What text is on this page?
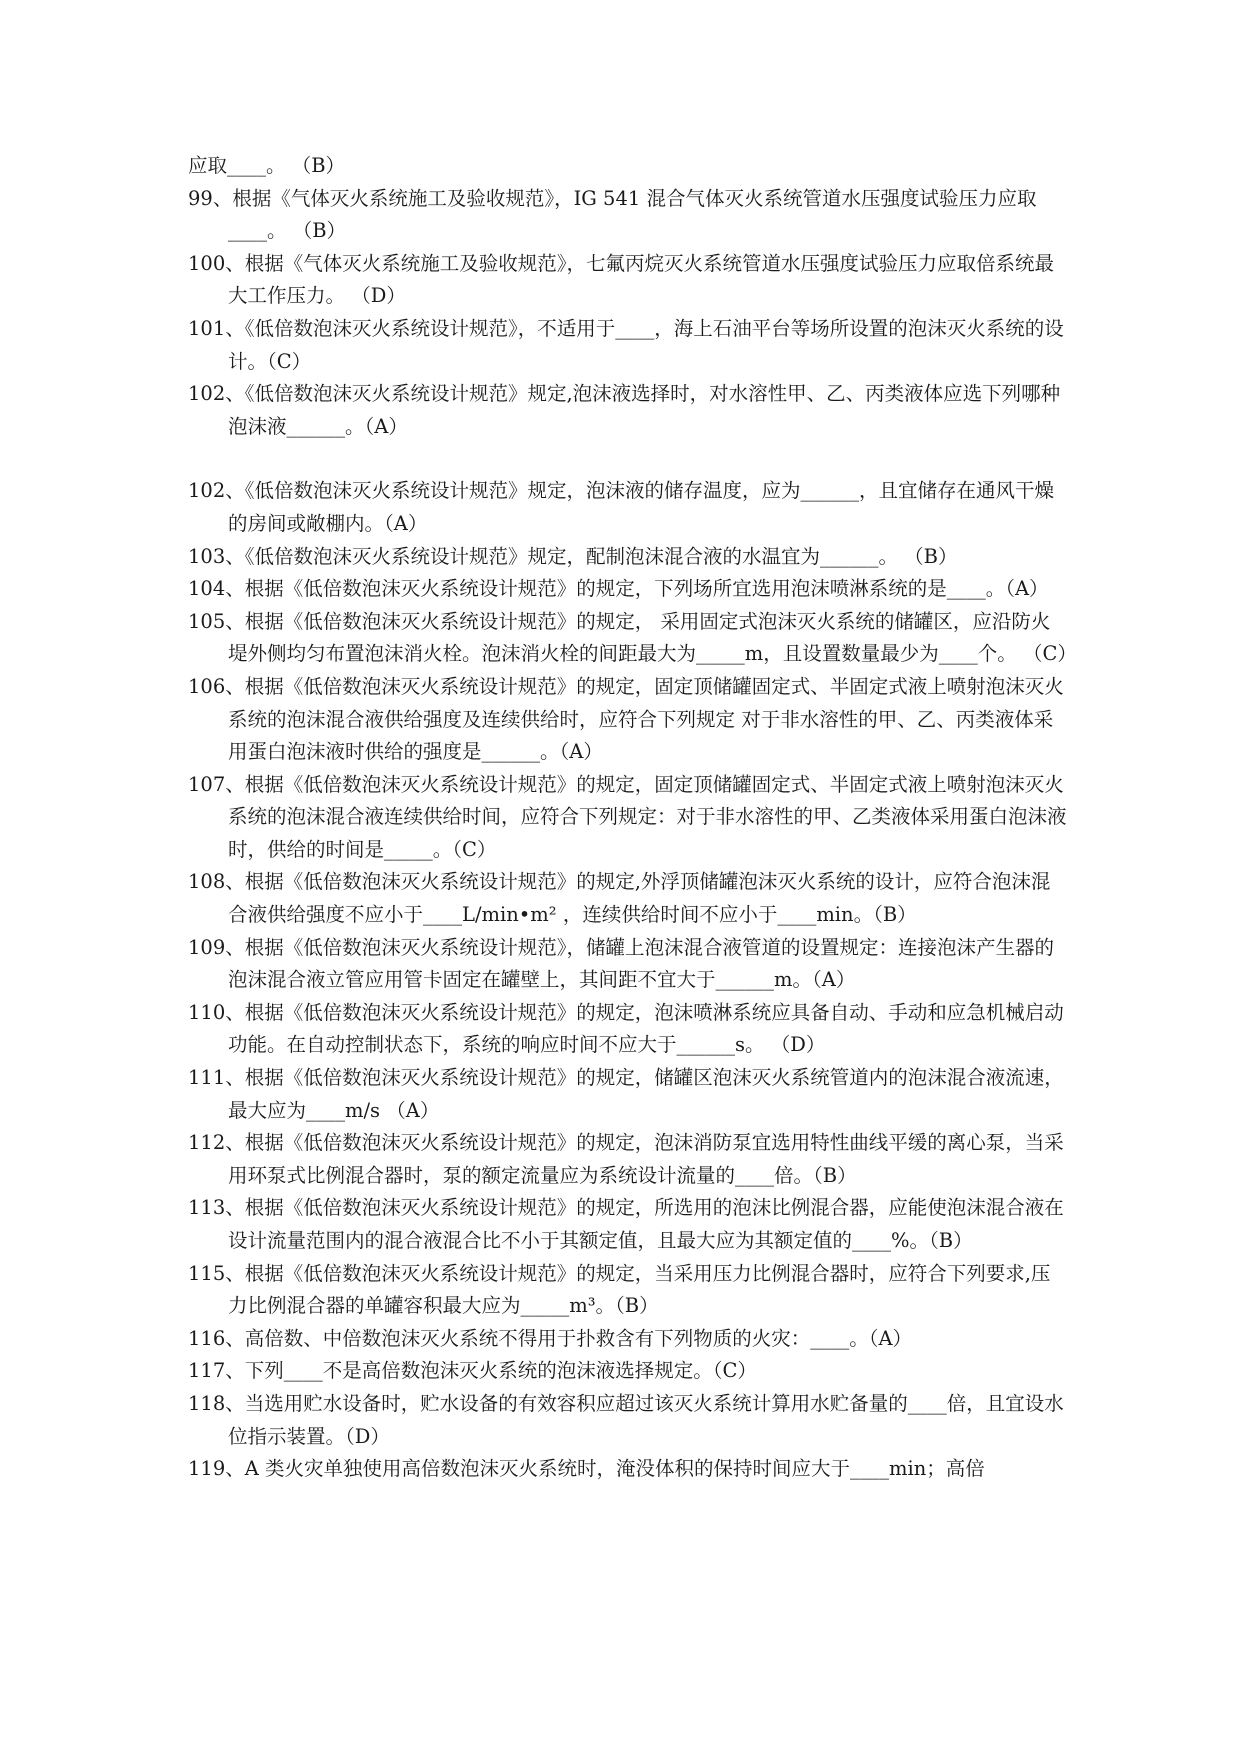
应取____。 （B）

99、根据《气体灭火系统施工及验收规范》，IG 541 混合气体灭火系统管道水压强度试验压力应取____。 （B）

100、根据《气体灭火系统施工及验收规范》，七氟丙烷灭火系统管道水压强度试验压力应取倍系统最大工作压力。 （D）

101、《低倍数泡沫灭火系统设计规范》，不适用于____，海上石油平台等场所设置的泡沫灭火系统的设计。（C）

102、《低倍数泡沫灭火系统设计规范》规定,泡沫液选择时，对水溶性甲、乙、丙类液体应选下列哪种泡沫液______。（A）

102、《低倍数泡沫灭火系统设计规范》规定，泡沫液的储存温度，应为______，且宜储存在通风干燥的房间或敞棚内。（A）

103、《低倍数泡沫灭火系统设计规范》规定，配制泡沫混合液的水温宜为______。 （B）

104、根据《低倍数泡沫灭火系统设计规范》的规定，下列场所宜选用泡沫喷淋系统的是____。（A）

105、根据《低倍数泡沫灭火系统设计规范》的规定， 采用固定式泡沫灭火系统的储罐区，应沿防火堤外侧均匀布置泡沫消火栓。泡沫消火栓的间距最大为_____m，且设置数量最少为____个。 （C）

106、根据《低倍数泡沫灭火系统设计规范》的规定，固定顶储罐固定式、半固定式液上喷射泡沫灭火系统的泡沫混合液供给强度及连续供给时，应符合下列规定 对于非水溶性的甲、乙、丙类液体采用蛋白泡沫液时供给的强度是______。（A）

107、根据《低倍数泡沫灭火系统设计规范》的规定，固定顶储罐固定式、半固定式液上喷射泡沫灭火系统的泡沫混合液连续供给时间，应符合下列规定：对于非水溶性的甲、乙类液体采用蛋白泡沫液时，供给的时间是_____。（C）

108、根据《低倍数泡沫灭火系统设计规范》的规定,外浮顶储罐泡沫灭火系统的设计，应符合泡沫混合液供给强度不应小于____L/min•m² ，连续供给时间不应小于____min。（B）

109、根据《低倍数泡沫灭火系统设计规范》，储罐上泡沫混合液管道的设置规定：连接泡沫产生器的泡沫混合液立管应用管卡固定在罐壁上，其间距不宜大于______m。（A）

110、根据《低倍数泡沫灭火系统设计规范》的规定，泡沫喷淋系统应具备自动、手动和应急机械启动功能。在自动控制状态下，系统的响应时间不应大于______s。 （D）

111、根据《低倍数泡沫灭火系统设计规范》的规定，储罐区泡沫灭火系统管道内的泡沫混合液流速，最大应为____m/s （A）

112、根据《低倍数泡沫灭火系统设计规范》的规定，泡沫消防泵宜选用特性曲线平缓的离心泵，当采用环泵式比例混合器时，泵的额定流量应为系统设计流量的____倍。（B）

113、根据《低倍数泡沫灭火系统设计规范》的规定，所选用的泡沫比例混合器，应能使泡沫混合液在设计流量范围内的混合液混合比不小于其额定值，且最大应为其额定值的____%。（B）

115、根据《低倍数泡沫灭火系统设计规范》的规定，当采用压力比例混合器时，应符合下列要求,压力比例混合器的单罐容积最大应为_____m³。（B）

116、高倍数、中倍数泡沫灭火系统不得用于扑救含有下列物质的火灾：____。（A）

117、下列____不是高倍数泡沫灭火系统的泡沫液选择规定。（C）

118、当选用贮水设备时，贮水设备的有效容积应超过该灭火系统计算用水贮备量的____倍，且宜设水位指示装置。（D）

119、A 类火灾单独使用高倍数泡沫灭火系统时，淹没体积的保持时间应大于____min；高倍
